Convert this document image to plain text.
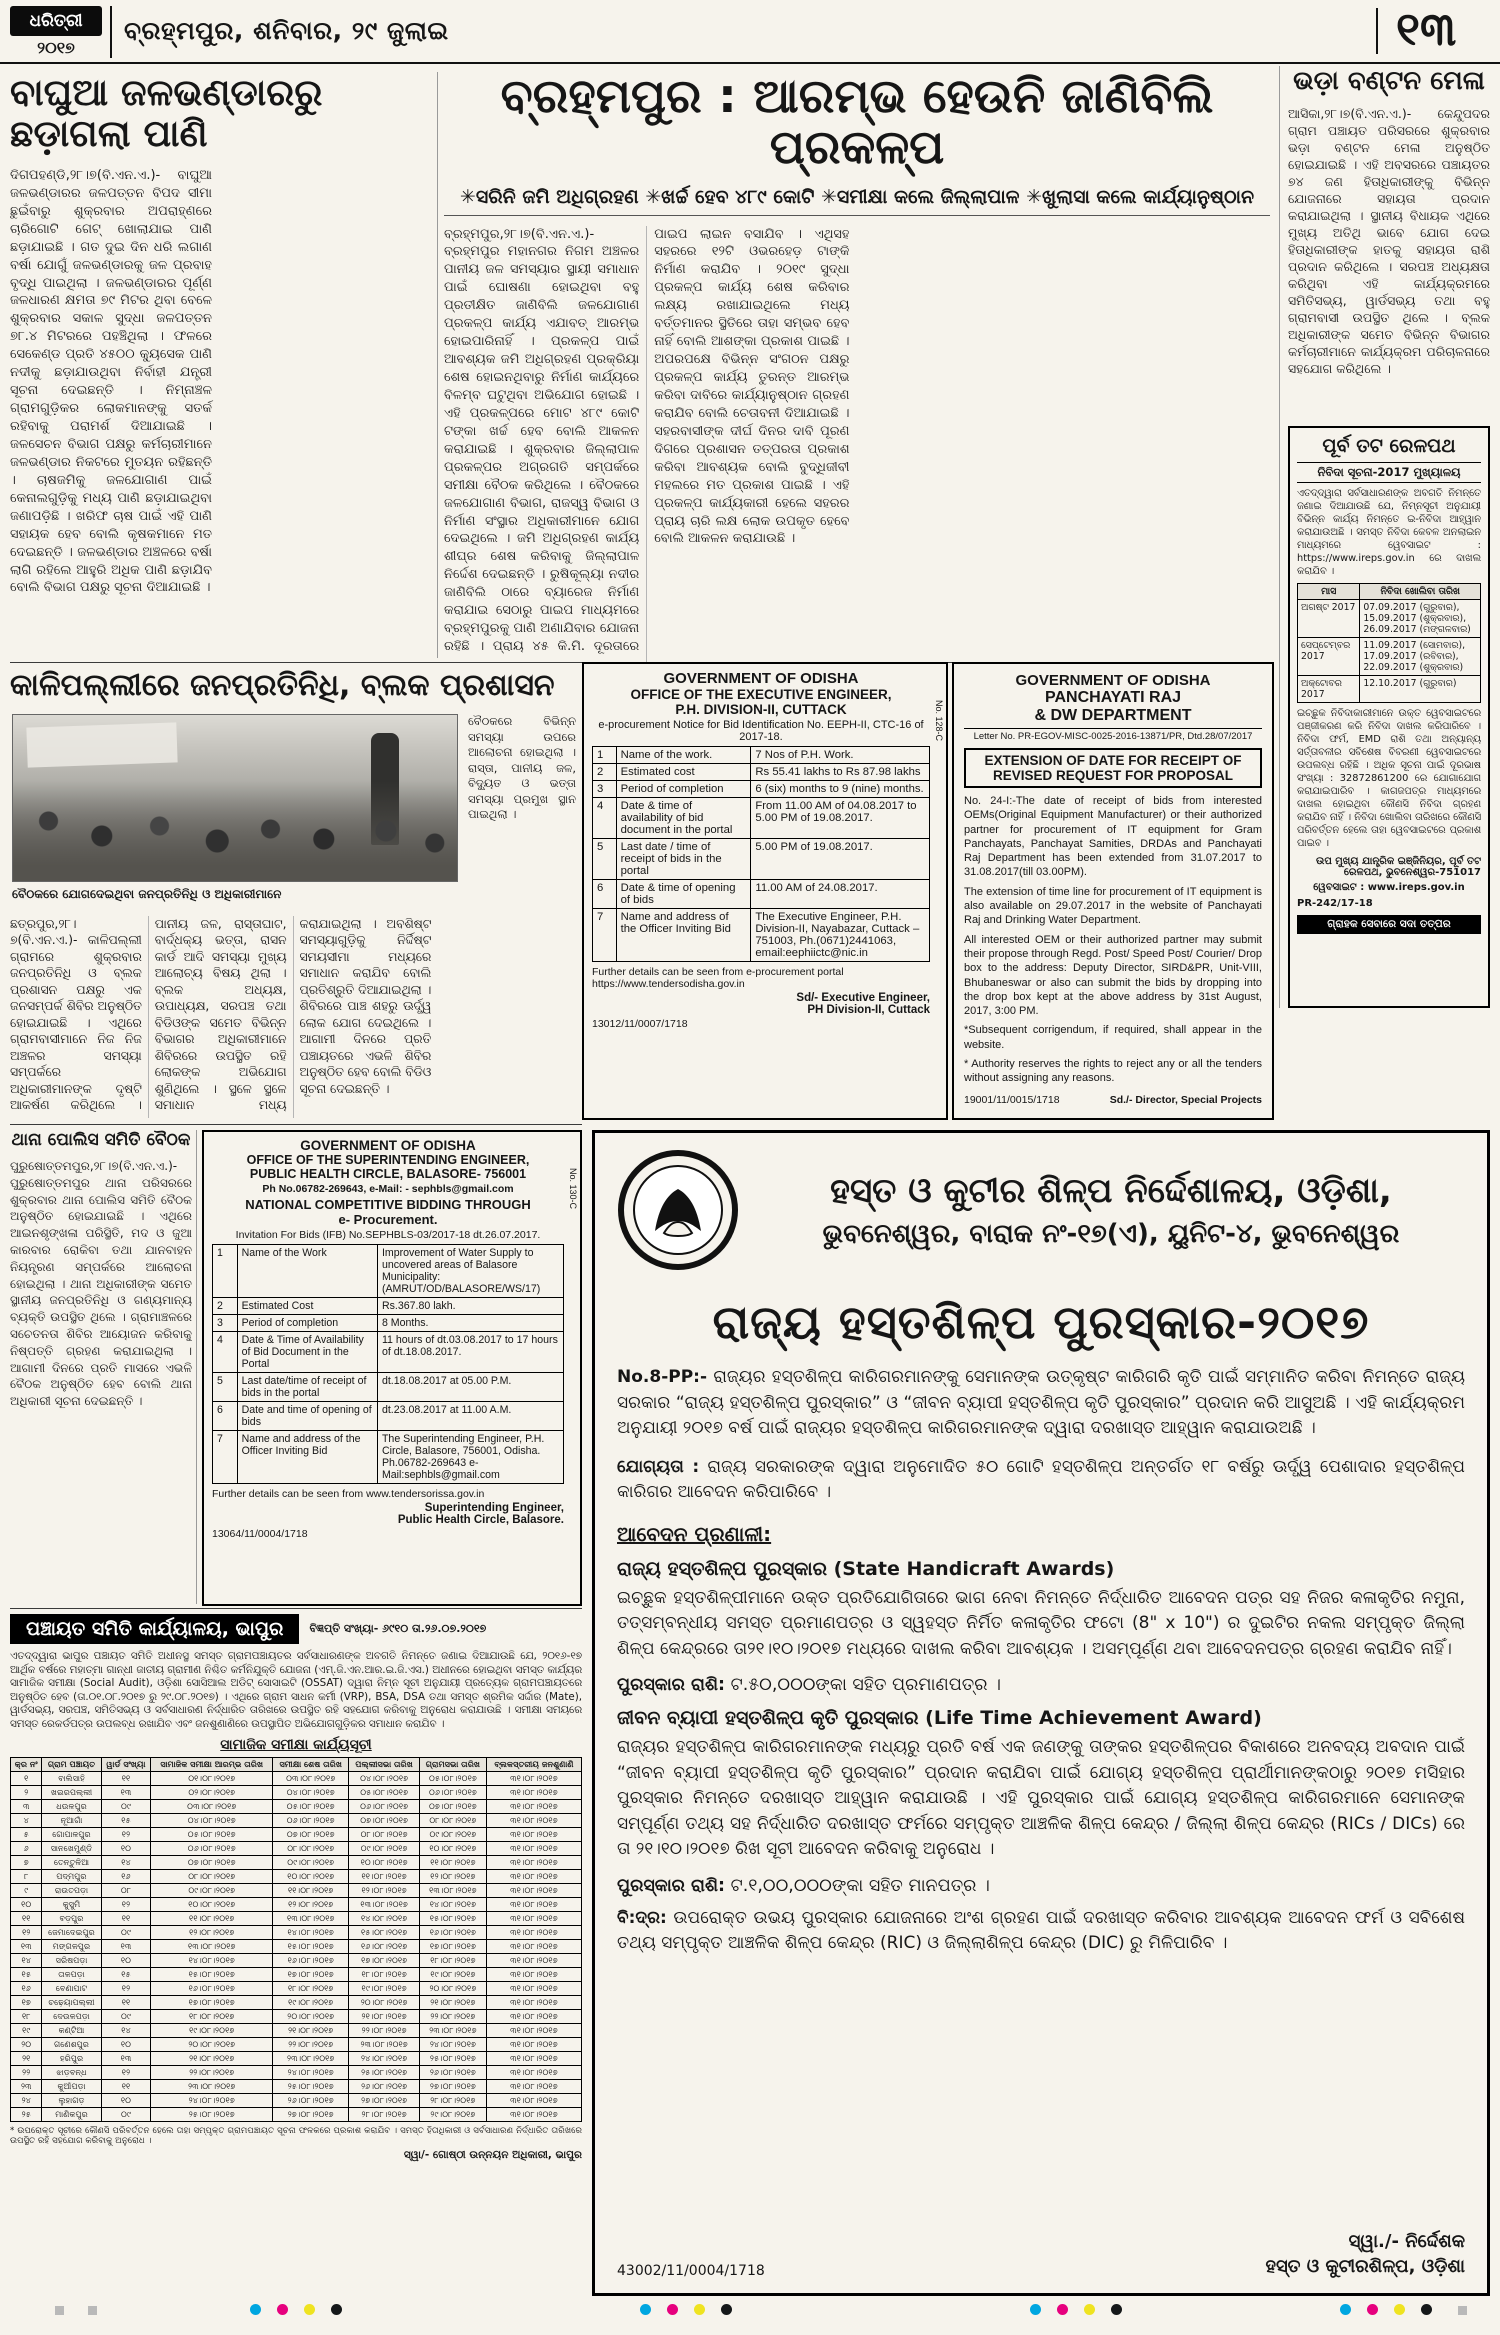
ଧରିତ୍ରୀ
୨୦୧୭
ବ୍ରହ୍ମପୁର, ଶନିବାର, ୨୯ ଜୁଲାଇ	୧୩
ବାଘୁଆ ଜଳଭଣ୍ଡାରରୁ
ଛଡ଼ାଗଲା ପାଣି
ଦିଗପହଣ୍ଡି,୨୮।୭(ବି.ଏନ.ଏ.)- ବାଘୁଆ ଜଳଭଣ୍ଡାରର ଜଳପତ୍ତନ ବିପଦ ସୀମା ଛୁଇଁବାରୁ ଶୁକ୍ରବାର ଅପରାହ୍ଣରେ ଚାରିଗୋଟି ଗେଟ୍ ଖୋଲାଯାଇ ପାଣି ଛଡ଼ାଯାଇଛି । ଗତ ଦୁଇ ଦିନ ଧରି ଲଗାଣ ବର୍ଷା ଯୋଗୁଁ ଜଳଭଣ୍ଡାରକୁ ଜଳ ପ୍ରବାହ ବୃଦ୍ଧି ପାଇଥିଲା । ଜଳଭଣ୍ଡାରର ପୂର୍ଣ୍ଣ ଜଳଧାରଣ କ୍ଷମତା ୭୯ ମିଟର ଥିବା ବେଳେ ଶୁକ୍ରବାର ସକାଳ ସୁଦ୍ଧା ଜଳପତ୍ତନ ୭୮.୪ ମିଟରରେ ପହଞ୍ଚିଥିଲା । ଫଳରେ ସେକେଣ୍ଡ ପ୍ରତି ୪୫୦୦ କ୍ୟୁସେକ ପାଣି ନଦୀକୁ ଛଡ଼ାଯାଉଥିବା ନିର୍ବାହୀ ଯନ୍ତ୍ରୀ ସୂଚନା ଦେଇଛନ୍ତି । ନିମ୍ନାଞ୍ଚଳ ଗ୍ରାମଗୁଡ଼ିକର ଲୋକମାନଙ୍କୁ ସତର୍କ ରହିବାକୁ ପରାମର୍ଶ ଦିଆଯାଇଛି । ଜଳସେଚନ ବିଭାଗ ପକ୍ଷରୁ କର୍ମଚାରୀମାନେ ଜଳଭଣ୍ଡାର ନିକଟରେ ମୁତୟନ ରହିଛନ୍ତି । ଚାଷଜମିକୁ ଜଳଯୋଗାଣ ପାଇଁ କେନାଲଗୁଡ଼ିକୁ ମଧ୍ୟ ପାଣି ଛଡ଼ାଯାଇଥିବା ଜଣାପଡ଼ିଛି । ଖରିଫ ଚାଷ ପାଇଁ ଏହି ପାଣି ସହାୟକ ହେବ ବୋଲି କୃଷକମାନେ ମତ ଦେଇଛନ୍ତି । ଜଳଭଣ୍ଡାର ଅଞ୍ଚଳରେ ବର୍ଷା ଲାଗି ରହିଲେ ଆହୁରି ଅଧିକ ପାଣି ଛଡ଼ାଯିବ ବୋଲି ବିଭାଗ ପକ୍ଷରୁ ସୂଚନା ଦିଆଯାଇଛି ।
ବ୍ରହ୍ମପୁର : ଆରମ୍ଭ ହେଉନି ଜାଣିବିଲି ପ୍ରକଳ୍ପ
✳ସରିନି ଜମି ଅଧିଗ୍ରହଣ ✳ଖର୍ଚ୍ଚ ହେବ ୪୮୯ କୋଟି ✳ସମୀକ୍ଷା କଲେ ଜିଲ୍ଲାପାଳ ✳ଖୁଲାସା କଲେ କାର୍ଯ୍ୟାନୁଷ୍ଠାନ
ବ୍ରହ୍ମପୁର,୨୮।୭(ବି.ଏନ.ଏ.)- ବ୍ରହ୍ମପୁର ମହାନଗର ନିଗମ ଅଞ୍ଚଳର ପାନୀୟ ଜଳ ସମସ୍ୟାର ସ୍ଥାୟୀ ସମାଧାନ ପାଇଁ ଘୋଷଣା ହୋଇଥିବା ବହୁ ପ୍ରତୀକ୍ଷିତ ଜାଣିବିଲି ଜଳଯୋଗାଣ ପ୍ରକଳ୍ପ କାର୍ଯ୍ୟ ଏଯାବତ୍ ଆରମ୍ଭ ହୋଇପାରିନାହିଁ । ପ୍ରକଳ୍ପ ପାଇଁ ଆବଶ୍ୟକ ଜମି ଅଧିଗ୍ରହଣ ପ୍ରକ୍ରିୟା ଶେଷ ହୋଇନଥିବାରୁ ନିର୍ମାଣ କାର୍ଯ୍ୟରେ ବିଳମ୍ବ ଘଟୁଥିବା ଅଭିଯୋଗ ହୋଇଛି । ଏହି ପ୍ରକଳ୍ପରେ ମୋଟ ୪୮୯ କୋଟି ଟଙ୍କା ଖର୍ଚ୍ଚ ହେବ ବୋଲି ଆକଳନ କରାଯାଇଛି । ଶୁକ୍ରବାର ଜିଲ୍ଲାପାଳ ପ୍ରକଳ୍ପର ଅଗ୍ରଗତି ସମ୍ପର୍କରେ ସମୀକ୍ଷା ବୈଠକ କରିଥିଲେ । ବୈଠକରେ ଜଳଯୋଗାଣ ବିଭାଗ, ରାଜସ୍ୱ ବିଭାଗ ଓ ନିର୍ମାଣ ସଂସ୍ଥାର ଅଧିକାରୀମାନେ ଯୋଗ ଦେଇଥିଲେ । ଜମି ଅଧିଗ୍ରହଣ କାର୍ଯ୍ୟ ଶୀଘ୍ର ଶେଷ କରିବାକୁ ଜିଲ୍ଲାପାଳ ନିର୍ଦ୍ଦେଶ ଦେଇଛନ୍ତି । ରୁଷିକୂଲ୍ୟା ନଦୀର ଜାଣିବିଲି ଠାରେ ବ୍ୟାରେଜ ନିର୍ମାଣ କରାଯାଇ ସେଠାରୁ ପାଇପ ମାଧ୍ୟମରେ ବ୍ରହ୍ମପୁରକୁ ପାଣି ଅଣାଯିବାର ଯୋଜନା ରହିଛି । ପ୍ରାୟ ୪୫ କି.ମି. ଦୂରତାରେ ପାଇପ ଲାଇନ ବସାଯିବ । ଏଥିସହ ସହରରେ ୧୨ଟି ଓଭରହେଡ଼ ଟାଙ୍କି ନିର୍ମାଣ କରାଯିବ । ୨୦୧୯ ସୁଦ୍ଧା ପ୍ରକଳ୍ପ କାର୍ଯ୍ୟ ଶେଷ କରିବାର ଲକ୍ଷ୍ୟ ରଖାଯାଇଥିଲେ ମଧ୍ୟ ବର୍ତ୍ତମାନର ସ୍ଥିତିରେ ତାହା ସମ୍ଭବ ହେବ ନାହିଁ ବୋଲି ଆଶଙ୍କା ପ୍ରକାଶ ପାଇଛି । ଅପରପକ୍ଷେ ବିଭିନ୍ନ ସଂଗଠନ ପକ୍ଷରୁ ପ୍ରକଳ୍ପ କାର୍ଯ୍ୟ ତୁରନ୍ତ ଆରମ୍ଭ କରିବା ଦାବିରେ କାର୍ଯ୍ୟାନୁଷ୍ଠାନ ଗ୍ରହଣ କରାଯିବ ବୋଲି ଚେତାବନୀ ଦିଆଯାଇଛି । ସହରବାସୀଙ୍କ ଦୀର୍ଘ ଦିନର ଦାବି ପୂରଣ ଦିଗରେ ପ୍ରଶାସନ ତତ୍ପରତା ପ୍ରକାଶ କରିବା ଆବଶ୍ୟକ ବୋଲି ବୁଦ୍ଧିଜୀବୀ ମହଲରେ ମତ ପ୍ରକାଶ ପାଇଛି । ଏହି ପ୍ରକଳ୍ପ କାର୍ଯ୍ୟକାରୀ ହେଲେ ସହରର ପ୍ରାୟ ଚାରି ଲକ୍ଷ ଲୋକ ଉପକୃତ ହେବେ ବୋଲି ଆକଳନ କରାଯାଉଛି ।
ଭଡ଼ା ବଣ୍ଟନ ମେଳା
ଆସିକା,୨୮।୭(ବି.ଏନ.ଏ.)- କେନ୍ଦୁପଦର ଗ୍ରାମ ପଞ୍ଚାୟତ ପରିସରରେ ଶୁକ୍ରବାର ଭଡ଼ା ବଣ୍ଟନ ମେଳା ଅନୁଷ୍ଠିତ ହୋଇଯାଇଛି । ଏହି ଅବସରରେ ପଞ୍ଚାୟତର ୭୪ ଜଣ ହିତାଧିକାରୀଙ୍କୁ ବିଭିନ୍ନ ଯୋଜନାରେ ସହାୟତା ପ୍ରଦାନ କରାଯାଇଥିଲା । ସ୍ଥାନୀୟ ବିଧାୟକ ଏଥିରେ ମୁଖ୍ୟ ଅତିଥି ଭାବେ ଯୋଗ ଦେଇ ହିତାଧିକାରୀଙ୍କ ହାତକୁ ସହାୟତା ରାଶି ପ୍ରଦାନ କରିଥିଲେ । ସରପଞ୍ଚ ଅଧ୍ୟକ୍ଷତା କରିଥିବା ଏହି କାର୍ଯ୍ୟକ୍ରମରେ ସମିତିସଭ୍ୟ, ୱାର୍ଡସଭ୍ୟ ତଥା ବହୁ ଗ୍ରାମବାସୀ ଉପସ୍ଥିତ ଥିଲେ । ବ୍ଲକ ଅଧିକାରୀଙ୍କ ସମେତ ବିଭିନ୍ନ ବିଭାଗର କର୍ମଚାରୀମାନେ କାର୍ଯ୍ୟକ୍ରମ ପରିଚାଳନାରେ ସହଯୋଗ କରିଥିଲେ ।
ପୂର୍ବ ତଟ ରେଳପଥ
ନିବିଦା ସୂଚନା-2017 ମୁଖ୍ୟାଳୟ
ଏତଦ୍‌ଦ୍ୱାରା ସର୍ବସାଧାରଣଙ୍କ ଅବଗତି ନିମନ୍ତେ ଜଣାଇ ଦିଆଯାଉଛି ଯେ, ନିମ୍ନସୂଚୀ ଅନୁଯାୟୀ ବିଭିନ୍ନ କାର୍ଯ୍ୟ ନିମନ୍ତେ ଇ-ନିବିଦା ଆହ୍ୱାନ କରାଯାଉଅଛି । ସମସ୍ତ ନିବିଦା କେବଳ ଅନଲାଇନ ମାଧ୍ୟମରେ ୱେବସାଇଟ : https://www.ireps.gov.in ରେ ଦାଖଲ କରାଯିବ ।
ମାସ	ନିବିଦା ଖୋଲିବା ତାରିଖ
ଅଗଷ୍ଟ 2017	07.09.2017 (ଗୁରୁବାର), 15.09.2017 (ଶୁକ୍ରବାର), 26.09.2017 (ମଙ୍ଗଳବାର)
ସେପ୍ଟେମ୍ବର 2017	11.09.2017 (ସୋମବାର), 17.09.2017 (ରବିବାର), 22.09.2017 (ଶୁକ୍ରବାର)
ଅକ୍ଟୋବର 2017	12.10.2017 (ଗୁରୁବାର)
ଇଚ୍ଛୁକ ନିବିଦାକାରୀମାନେ ଉକ୍ତ ୱେବସାଇଟରେ ପଞ୍ଜୀକରଣ କରି ନିବିଦା ଦାଖଲ କରିପାରିବେ । ନିବିଦା ଫର୍ମ, EMD ରାଶି ତଥା ଅନ୍ୟାନ୍ୟ ସର୍ତ୍ତାବଳୀର ସବିଶେଷ ବିବରଣୀ ୱେବସାଇଟରେ ଉପଲବ୍ଧ ରହିଛି । ଅଧିକ ସୂଚନା ପାଇଁ ଦୂରଭାଷ ସଂଖ୍ୟା : 32872861200 ରେ ଯୋଗାଯୋଗ କରାଯାଇପାରିବ । କାଗଜପତ୍ର ମାଧ୍ୟମରେ ଦାଖଲ ହୋଇଥିବା କୌଣସି ନିବିଦା ଗ୍ରହଣ କରାଯିବ ନାହିଁ । ନିବିଦା ଖୋଲିବା ତାରିଖରେ କୌଣସି ପରିବର୍ତ୍ତନ ହେଲେ ତାହା ୱେବସାଇଟରେ ପ୍ରକାଶ ପାଇବ ।
ଉପ ମୁଖ୍ୟ ଯାନ୍ତ୍ରିକ ଇଞ୍ଜିନିୟର, ପୂର୍ବ ତଟ ରେଳପଥ, ଭୁବନେଶ୍ୱର-751017
ୱେବସାଇଟ : www.ireps.gov.in
PR-242/17-18
ଗ୍ରାହକ ସେବାରେ ସଦା ତତ୍ପର
କାଳିପଲ୍ଲୀରେ ଜନପ୍ରତିନିଧି, ବ୍ଲକ ପ୍ରଶାସନ
ବୈଠକରେ ଯୋଗଦେଇଥିବା ଜନପ୍ରତିନିଧି ଓ ଅଧିକାରୀମାନେ
ବୈଠକରେ ବିଭିନ୍ନ ସମସ୍ୟା ଉପରେ ଆଲୋଚନା ହୋଇଥିଲା । ରାସ୍ତା, ପାନୀୟ ଜଳ, ବିଦ୍ୟୁତ ଓ ଭତ୍ତା ସମସ୍ୟା ପ୍ରମୁଖ ସ୍ଥାନ ପାଇଥିଲା ।
ଛତ୍ରପୁର,୨୮।୭(ବି.ଏନ.ଏ.)- କାଳିପଲ୍ଲୀ ଗ୍ରାମରେ ଶୁକ୍ରବାର ଜନପ୍ରତିନିଧି ଓ ବ୍ଲକ ପ୍ରଶାସନ ପକ୍ଷରୁ ଏକ ଜନସମ୍ପର୍କ ଶିବିର ଅନୁଷ୍ଠିତ ହୋଇଯାଇଛି । ଏଥିରେ ଗ୍ରାମବାସୀମାନେ ନିଜ ନିଜ ଅଞ୍ଚଳର ସମସ୍ୟା ସମ୍ପର୍କରେ ଅଧିକାରୀମାନଙ୍କ ଦୃଷ୍ଟି ଆକର୍ଷଣ କରିଥିଲେ । ପାନୀୟ ଜଳ, ରାସ୍ତାଘାଟ, ବାର୍ଦ୍ଧକ୍ୟ ଭତ୍ତା, ରାସନ କାର୍ଡ ଆଦି ସମସ୍ୟା ମୁଖ୍ୟ ଆଲୋଚ୍ୟ ବିଷୟ ଥିଲା । ବ୍ଲକ ଅଧ୍ୟକ୍ଷ, ଉପାଧ୍ୟକ୍ଷ, ସରପଞ୍ଚ ତଥା ବିଡିଓଙ୍କ ସମେତ ବିଭିନ୍ନ ବିଭାଗର ଅଧିକାରୀମାନେ ଶିବିରରେ ଉପସ୍ଥିତ ରହି ଲୋକଙ୍କ ଅଭିଯୋଗ ଶୁଣିଥିଲେ । ସ୍ଥଳେ ସ୍ଥଳେ ସମାଧାନ ମଧ୍ୟ କରାଯାଇଥିଲା । ଅବଶିଷ୍ଟ ସମସ୍ୟାଗୁଡ଼ିକୁ ନିର୍ଦ୍ଦିଷ୍ଟ ସମୟସୀମା ମଧ୍ୟରେ ସମାଧାନ କରାଯିବ ବୋଲି ପ୍ରତିଶ୍ରୁତି ଦିଆଯାଇଥିଲା । ଶିବିରରେ ପାଞ୍ଚ ଶହରୁ ଊର୍ଦ୍ଧ୍ୱ ଲୋକ ଯୋଗ ଦେଇଥିଲେ । ଆଗାମୀ ଦିନରେ ପ୍ରତି ପଞ୍ଚାୟତରେ ଏଭଳି ଶିବିର ଅନୁଷ୍ଠିତ ହେବ ବୋଲି ବିଡିଓ ସୂଚନା ଦେଇଛନ୍ତି ।
GOVERNMENT OF ODISHA
OFFICE OF THE EXECUTIVE ENGINEER,
P.H. DIVISION-II, CUTTACK
e-procurement Notice for Bid Identification No. EEPH-II, CTC-16 of 2017-18.
1	Name of the work.	7 Nos of P.H. Work.
2	Estimated cost	Rs 55.41 lakhs to Rs 87.98 lakhs
3	Period of completion	6 (six) months to 9 (nine) months.
4	Date & time of availability of bid document in the portal	From 11.00 AM of 04.08.2017 to 5.00 PM of 19.08.2017.
5	Last date / time of receipt of bids in the portal	5.00 PM of 19.08.2017.
6	Date & time of opening of bids	11.00 AM of 24.08.2017.
7	Name and address of the Officer Inviting Bid	The Executive Engineer, P.H. Division-II, Nayabazar, Cuttack – 751003, Ph.(0671)2441063, email:eephiictc@nic.in
Further details can be seen from e-procurement portal https://www.tendersodisha.gov.in
Sd/- Executive Engineer,
PH Division-II, Cuttack
13012/11/0007/1718
No. 128-C
GOVERNMENT OF ODISHA
PANCHAYATI RAJ
& DW DEPARTMENT
Letter No. PR-EGOV-MISC-0025-2016-13871/PR, Dtd.28/07/2017
EXTENSION OF DATE FOR RECEIPT OF REVISED REQUEST FOR PROPOSAL
No. 24-I:-The date of receipt of bids from interested OEMs(Original Equipment Manufacturer) or their authorized partner for procurement of IT equipment for Gram Panchayats, Panchayat Samities, DRDAs and Panchayati Raj Department has been extended from 31.07.2017 to 31.08.2017(till 03.00PM).
The extension of time line for procurement of IT equipment is also available on 29.07.2017 in the website of Panchayati Raj and Drinking Water Department.
All interested OEM or their authorized partner may submit their propose through Regd. Post/ Speed Post/ Courier/ Drop box to the address: Deputy Director, SIRD&PR, Unit-VIII, Bhubaneswar or also can submit the bids by dropping into the drop box kept at the above address by 31st August, 2017, 3:00 PM.
*Subsequent corrigendum, if required, shall appear in the website.
* Authority reserves the rights to reject any or all the tenders without assigning any reasons.
19001/11/0015/1718	Sd./- Director, Special Projects
ଥାନା ପୋଲିସ ସମିତି ବୈଠକ
ପୁରୁଷୋତ୍ତମପୁର,୨୮।୭(ବି.ଏନ.ଏ.)- ପୁରୁଷୋତ୍ତମପୁର ଥାନା ପରିସରରେ ଶୁକ୍ରବାର ଥାନା ପୋଲିସ ସମିତି ବୈଠକ ଅନୁଷ୍ଠିତ ହୋଇଯାଇଛି । ଏଥିରେ ଆଇନଶୃଙ୍ଖଳା ପରିସ୍ଥିତି, ମଦ ଓ ଜୁଆ କାରବାର ରୋକିବା ତଥା ଯାନବାହନ ନିୟନ୍ତ୍ରଣ ସମ୍ପର୍କରେ ଆଲୋଚନା ହୋଇଥିଲା । ଥାନା ଅଧିକାରୀଙ୍କ ସମେତ ସ୍ଥାନୀୟ ଜନପ୍ରତିନିଧି ଓ ଗଣ୍ୟମାନ୍ୟ ବ୍ୟକ୍ତି ଉପସ୍ଥିତ ଥିଲେ । ଗ୍ରାମାଞ୍ଚଳରେ ସଚେତନତା ଶିବିର ଆୟୋଜନ କରିବାକୁ ନିଷ୍ପତ୍ତି ଗ୍ରହଣ କରାଯାଇଥିଲା । ଆଗାମୀ ଦିନରେ ପ୍ରତି ମାସରେ ଏଭଳି ବୈଠକ ଅନୁଷ୍ଠିତ ହେବ ବୋଲି ଥାନା ଅଧିକାରୀ ସୂଚନା ଦେଇଛନ୍ତି ।
GOVERNMENT OF ODISHA
OFFICE OF THE SUPERINTENDING ENGINEER,
PUBLIC HEALTH CIRCLE, BALASORE- 756001
Ph No.06782-269643, e-Mail: - sephbls@gmail.com
NATIONAL COMPETITIVE BIDDING THROUGH
e- Procurement.
Invitation For Bids (IFB) No.SEPHBLS-03/2017-18 dt.26.07.2017.
1	Name of the Work	Improvement of Water Supply to uncovered areas of Balasore Municipality: (AMRUT/OD/BALASORE/WS/17)
2	Estimated Cost	Rs.367.80 lakh.
3	Period of completion	8 Months.
4	Date & Time of Availability of Bid Document in the Portal	11 hours of dt.03.08.2017 to 17 hours of dt.18.08.2017.
5	Last date/time of receipt of bids in the portal	dt.18.08.2017 at 05.00 P.M.
6	Date and time of opening of bids	dt.23.08.2017 at 11.00 A.M.
7	Name and address of the Officer Inviting Bid	The Superintending Engineer, P.H. Circle, Balasore, 756001, Odisha. Ph.06782-269643 e-Mail:sephbls@gmail.com
Further details can be seen from www.tendersorissa.gov.in
Superintending Engineer,
Public Health Circle, Balasore.
13064/11/0004/1718
No. 130-C	ହସ୍ତ ଓ କୁଟୀର ଶିଳ୍ପ ନିର୍ଦ୍ଦେଶାଳୟ, ଓଡ଼ିଶା,
ଭୁବନେଶ୍ୱର, ବାରାକ ନଂ-୧୭(ଏ), ୟୁନିଟ-୪, ଭୁବନେଶ୍ୱର
ରାଜ୍ୟ ହସ୍ତଶିଳ୍ପ ପୁରସ୍କାର-୨୦୧୭

No.8-PP:- ରାଜ୍ୟର ହସ୍ତଶିଳ୍ପ କାରିଗରମାନଙ୍କୁ ସେମାନଙ୍କ ଉତ୍କୃଷ୍ଟ କାରିଗରି କୃତି ପାଇଁ ସମ୍ମାନିତ କରିବା ନିମନ୍ତେ ରାଜ୍ୟ ସରକାର “ରାଜ୍ୟ ହସ୍ତଶିଳ୍ପ ପୁରସ୍କାର” ଓ “ଜୀବନ ବ୍ୟାପୀ ହସ୍ତଶିଳ୍ପ କୃତି ପୁରସ୍କାର” ପ୍ରଦାନ କରି ଆସୁଅଛି । ଏହି କାର୍ଯ୍ୟକ୍ରମ ଅନୁଯାୟୀ ୨୦୧୭ ବର୍ଷ ପାଇଁ ରାଜ୍ୟର ହସ୍ତଶିଳ୍ପ କାରିଗରମାନଙ୍କ ଦ୍ୱାରା ଦରଖାସ୍ତ ଆହ୍ୱାନ କରାଯାଉଅଛି ।

ଯୋଗ୍ୟତା : ରାଜ୍ୟ ସରକାରଙ୍କ ଦ୍ୱାରା ଅନୁମୋଦିତ ୫୦ ଗୋଟି ହସ୍ତଶିଳ୍ପ ଅନ୍ତର୍ଗତ ୧୮ ବର୍ଷରୁ ଊର୍ଦ୍ଧ୍ୱ ପେଶାଦାର ହସ୍ତଶିଳ୍ପ କାରିଗର ଆବେଦନ କରିପାରିବେ ।

ଆବେଦନ ପ୍ରଣାଳୀ:
ରାଜ୍ୟ ହସ୍ତଶିଳ୍ପ ପୁରସ୍କାର (State Handicraft Awards)

ଇଚ୍ଛୁକ ହସ୍ତଶିଳ୍ପୀମାନେ ଉକ୍ତ ପ୍ରତିଯୋଗିତାରେ ଭାଗ ନେବା ନିମନ୍ତେ ନିର୍ଦ୍ଧାରିତ ଆବେଦନ ପତ୍ର ସହ ନିଜର କଳାକୃତିର ନମୁନା, ତତ୍‌ସମ୍ବନ୍ଧୀୟ ସମସ୍ତ ପ୍ରମାଣପତ୍ର ଓ ସ୍ୱହସ୍ତ ନିର୍ମିତ କଳାକୃତିର ଫଟୋ (8" x 10") ର ଦୁଇଟିର ନକଲ ସମ୍ପୃକ୍ତ ଜିଲ୍ଲା ଶିଳ୍ପ କେନ୍ଦ୍ରରେ ତା୨୧।୧୦।୨୦୧୭ ମଧ୍ୟରେ ଦାଖଲ କରିବା ଆବଶ୍ୟକ । ଅସମ୍ପୂର୍ଣ୍ଣ ଥବା ଆବେଦନପତ୍ର ଗ୍ରହଣ କରାଯିବ ନାହିଁ।

ପୁରସ୍କାର ରାଶି: ଟ.୫୦,୦୦୦ଙ୍କା ସହିତ ପ୍ରମାଣପତ୍ର ।

ଜୀବନ ବ୍ୟାପୀ ହସ୍ତଶିଳ୍ପ କୃତି ପୁରସ୍କାର (Life Time Achievement Award)

ରାଜ୍ୟର ହସ୍ତଶିଳ୍ପ କାରିଗରମାନଙ୍କ ମଧ୍ୟରୁ ପ୍ରତି ବର୍ଷ ଏକ ଜଣଙ୍କୁ ତାଙ୍କର ହସ୍ତଶିଳ୍ପର ବିକାଶରେ ଅନବଦ୍ୟ ଅବଦାନ ପାଇଁ “ଜୀବନ ବ୍ୟାପୀ ହସ୍ତଶିଳ୍ପ କୃତି ପୁରସ୍କାର” ପ୍ରଦାନ କରାଯିବା ପାଇଁ ଯୋଗ୍ୟ ହସ୍ତଶିଳ୍ପ ପ୍ରାର୍ଥୀମାନଙ୍କଠାରୁ ୨୦୧୭ ମସିହାର ପୁରସ୍କାର ନିମନ୍ତେ ଦରଖାସ୍ତ ଆହ୍ୱାନ କରାଯାଉଛି । ଏହି ପୁରସ୍କାର ପାଇଁ ଯୋଗ୍ୟ ହସ୍ତଶିଳ୍ପ କାରିଗରମାନେ ସେମାନଙ୍କ ସମ୍ପୂର୍ଣ୍ଣ ତଥ୍ୟ ସହ ନିର୍ଦ୍ଧାରିତ ଦରଖାସ୍ତ ଫର୍ମରେ ସମ୍ପୃକ୍ତ ଆଞ୍ଚଳିକ ଶିଳ୍ପ କେନ୍ଦ୍ର / ଜିଲ୍ଲା ଶିଳ୍ପ କେନ୍ଦ୍ର (RICs / DICs) ରେ ତା ୨୧।୧୦।୨୦୧୭ ରିଖ ସୂଚୀ ଆବେଦନ କରିବାକୁ ଅନୁରୋଧ ।

ପୁରସ୍କାର ରାଶି: ଟ.୧,୦୦,୦୦୦ଙ୍କା ସହିତ ମାନପତ୍ର ।

ବି:ଦ୍ର: ଉପରୋକ୍ତ ଉଭୟ ପୁରସ୍କାର ଯୋଜନାରେ ଅଂଶ ଗ୍ରହଣ ପାଇଁ ଦରଖାସ୍ତ କରିବାର ଆବଶ୍ୟକ ଆବେଦନ ଫର୍ମ ଓ ସବିଶେଷ ତଥ୍ୟ ସମ୍ପୃକ୍ତ ଆଞ୍ଚଳିକ ଶିଳ୍ପ କେନ୍ଦ୍ର (RIC) ଓ ଜିଲ୍ଲାଶିଳ୍ପ କେନ୍ଦ୍ର (DIC) ରୁ ମିଳିପାରିବ ।

43002/11/0004/1718
ସ୍ୱା./- ନିର୍ଦ୍ଦେଶକ
ହସ୍ତ ଓ କୁଟୀରଶିଳ୍ପ, ଓଡ଼ିଶା
ପଞ୍ଚାୟତ ସମିତି କାର୍ଯ୍ୟାଳୟ, ଭାପୁର	ବିଜ୍ଞପ୍ତି ସଂଖ୍ୟା- ୬୯୧୦ ତା.୨୬.୦୭.୨୦୧୭
ଏତଦ୍‌ଦ୍ୱାରା ଭାପୁର ପଞ୍ଚାୟତ ସମିତି ଅଧୀନସ୍ଥ ସମସ୍ତ ଗ୍ରାମପଞ୍ଚାୟତର ସର୍ବସାଧାରଣଙ୍କ ଅବଗତି ନିମନ୍ତେ ଜଣାଇ ଦିଆଯାଉଛି ଯେ, ୨୦୧୬-୧୭ ଆର୍ଥିକ ବର୍ଷରେ ମହାତ୍ମା ଗାନ୍ଧୀ ଜାତୀୟ ଗ୍ରାମୀଣ ନିଶ୍ଚିତ କର୍ମନିଯୁକ୍ତି ଯୋଜନା (ଏମ୍.ଜି.ଏନ.ଆର.ଇ.ଜି.ଏସ.) ଅଧୀନରେ ହୋଇଥିବା ସମସ୍ତ କାର୍ଯ୍ୟର ସାମାଜିକ ସମୀକ୍ଷା (Social Audit), ଓଡ଼ିଶା ସୋସିଆଲ ଅଡିଟ୍ ସୋସାଇଟି (OSSAT) ଦ୍ୱାରା ନିମ୍ନ ସୂଚୀ ଅନୁଯାୟୀ ପ୍ରତ୍ୟେକ ଗ୍ରାମପଞ୍ଚାୟତରେ ଅନୁଷ୍ଠିତ ହେବ (ତା.୦୧.୦୮.୨୦୧୭ ରୁ ୨୯.୦୮.୨୦୧୭) । ଏଥିରେ ଗ୍ରାମ ସାଧନ କର୍ମୀ (VRP), BSA, DSA ତଥା ସମସ୍ତ ଶ୍ରମିକ ସର୍ଦ୍ଦାର (Mate), ୱାର୍ଡସଭ୍ୟ, ସରପଞ୍ଚ, ସମିତିସଭ୍ୟ ଓ ସର୍ବସାଧାରଣ ନିର୍ଦ୍ଧାରିତ ତାରିଖରେ ଉପସ୍ଥିତ ରହି ସହଯୋଗ କରିବାକୁ ଅନୁରୋଧ କରାଯାଉଛି । ସମୀକ୍ଷା ସମୟରେ ସମସ୍ତ ରେକର୍ଡପତ୍ର ଉପଲବ୍ଧ ରଖାଯିବ ଏବଂ ଜନଶୁଣାଣିରେ ଉପସ୍ଥାପିତ ଅଭିଯୋଗଗୁଡ଼ିକର ସମାଧାନ କରାଯିବ ।
ସାମାଜିକ ସମୀକ୍ଷା କାର୍ଯ୍ୟସୂଚୀ
କ୍ର ନଂ	ଗ୍ରାମ ପଞ୍ଚାୟତ	ୱାର୍ଡ ସଂଖ୍ୟା	ସାମାଜିକ ସମୀକ୍ଷା ଆରମ୍ଭ ତାରିଖ	ସମୀକ୍ଷା ଶେଷ ତାରିଖ	ପଲ୍ଲୀସଭା ତାରିଖ	ଗ୍ରାମସଭା ତାରିଖ	ବ୍ଲକସ୍ତରୀୟ ଜନଶୁଣାଣି
୧	ବାଲିସାହି	୧୧	୦୧।୦୮।୨୦୧୭	୦୩।୦୮।୨୦୧୭	୦୪।୦୮।୨୦୧୭	୦୫।୦୮।୨୦୧୭	୩୧।୦୮।୨୦୧୭
୨	ଖଇରପଲ୍ଲୀ	୧୩	୦୨।୦୮।୨୦୧୭	୦୪।୦୮।୨୦୧୭	୦୫।୦୮।୨୦୧୭	୦୬।୦୮।୨୦୧୭	୩୧।୦୮।୨୦୧୭
୩	ଧଉଳପୁର	୦୯	୦୩।୦୮।୨୦୧୭	୦୫।୦୮।୨୦୧୭	୦୬।୦୮।୨୦୧୭	୦୭।୦୮।୨୦୧୭	୩୧।୦୮।୨୦୧୭
୪	ନୂଆଗାଁ	୧୫	୦୪।୦୮।୨୦୧୭	୦୬।୦୮।୨୦୧୭	୦୭।୦୮।୨୦୧୭	୦୮।୦୮।୨୦୧୭	୩୧।୦୮।୨୦୧୭
୫	ଗୋପାଳପୁର	୧୨	୦୫।୦୮।୨୦୧୭	୦୭।୦୮।୨୦୧୭	୦୮।୦୮।୨୦୧୭	୦୯।୦୮।୨୦୧୭	୩୧।୦୮।୨୦୧୭
୬	ସାନଖେମୁଣ୍ଡି	୧୦	୦୬।୦୮।୨୦୧୭	୦୮।୦୮।୨୦୧୭	୦୯।୦୮।୨୦୧୭	୧୦।୦୮।୨୦୧୭	୩୧।୦୮।୨୦୧୭
୭	ତେନ୍ତୁଳିଆ	୧୪	୦୭।୦୮।୨୦୧୭	୦୯।୦୮।୨୦୧୭	୧୦।୦୮।୨୦୧୭	୧୧।୦୮।୨୦୧୭	୩୧।୦୮।୨୦୧୭
୮	ପଦ୍ମପୁର	୧୬	୦୮।୦୮।୨୦୧୭	୧୦।୦୮।୨୦୧୭	୧୧।୦୮।୨୦୧୭	୧୨।୦୮।୨୦୧୭	୩୧।୦୮।୨୦୧୭
୯	ରାଉତପଡ଼ା	୦୮	୦୯।୦୮।୨୦୧୭	୧୧।୦୮।୨୦୧୭	୧୨।୦୮।୨୦୧୭	୧୩।୦୮।୨୦୧୭	୩୧।୦୮।୨୦୧୭
୧୦	କୁସୁମି	୧୨	୧୦।୦୮।୨୦୧୭	୧୨।୦୮।୨୦୧୭	୧୩।୦୮।୨୦୧୭	୧୪।୦୮।୨୦୧୭	୩୧।୦୮।୨୦୧୭
୧୧	ବଡ଼ପୁର	୧୧	୧୧।୦୮।୨୦୧୭	୧୩।୦୮।୨୦୧୭	୧୪।୦୮।୨୦୧୭	୧୫।୦୮।୨୦୧୭	୩୧।୦୮।୨୦୧୭
୧୨	ଜେମାଦେଇପୁର	୦୯	୧୨।୦୮।୨୦୧୭	୧୪।୦୮।୨୦୧୭	୧୫।୦୮।୨୦୧୭	୧୬।୦୮।୨୦୧୭	୩୧।୦୮।୨୦୧୭
୧୩	ମଙ୍ଗଳପୁର	୧୩	୧୩।୦୮।୨୦୧୭	୧୫।୦୮।୨୦୧୭	୧୬।୦୮।୨୦୧୭	୧୭।୦୮।୨୦୧୭	୩୧।୦୮।୨୦୧୭
୧୪	ସରିଷପଡ଼ା	୧୦	୧୪।୦୮।୨୦୧୭	୧୬।୦୮।୨୦୧୭	୧୭।୦୮।୨୦୧୭	୧୮।୦୮।୨୦୧୭	୩୧।୦୮।୨୦୧୭
୧୫	ତାଳପଡ଼ା	୧୫	୧୫।୦୮।୨୦୧୭	୧୭।୦୮।୨୦୧୭	୧୮।୦୮।୨୦୧୭	୧୯।୦୮।୨୦୧୭	୩୧।୦୮।୨୦୧୭
୧୬	ବେଣାପାଟ	୧୨	୧୬।୦୮।୨୦୧୭	୧୮।୦୮।୨୦୧୭	୧୯।୦୮।୨୦୧୭	୨୦।୦୮।୨୦୧୭	୩୧।୦୮।୨୦୧୭
୧୭	ଚଢ଼େୟାପଲ୍ଲୀ	୧୧	୧୭।୦୮।୨୦୧୭	୧୯।୦୮।୨୦୧୭	୨୦।୦୮।୨୦୧୭	୨୧।୦୮।୨୦୧୭	୩୧।୦୮।୨୦୧୭
୧୮	ଦେଉଳପଡ଼ା	୦୯	୧୮।୦୮।୨୦୧୭	୨୦।୦୮।୨୦୧୭	୨୧।୦୮।୨୦୧୭	୨୨।୦୮।୨୦୧୭	୩୧।୦୮।୨୦୧୭
୧୯	କଣ୍ଟିଆ	୧୪	୧୯।୦୮।୨୦୧୭	୨୧।୦୮।୨୦୧୭	୨୨।୦୮।୨୦୧୭	୨୩।୦୮।୨୦୧୭	୩୧।୦୮।୨୦୧୭
୨୦	ଗଣେଶପୁର	୧୦	୨୦।୦୮।୨୦୧୭	୨୨।୦୮।୨୦୧୭	୨୩।୦୮।୨୦୧୭	୨୪।୦୮।୨୦୧୭	୩୧।୦୮।୨୦୧୭
୨୧	ହରିପୁର	୧୩	୨୧।୦୮।୨୦୧୭	୨୩।୦୮।୨୦୧୭	୨୪।୦୮।୨୦୧୭	୨୫।୦୮।୨୦୧୭	୩୧।୦୮।୨୦୧୭
୨୨	ଝାଡ଼ବନ୍ଧ	୧୨	୨୨।୦୮।୨୦୧୭	୨୪।୦୮।୨୦୧୭	୨୫।୦୮।୨୦୧୭	୨୬।୦୮।୨୦୧୭	୩୧।୦୮।୨୦୧୭
୨୩	କୁଆଁପଡ଼ା	୧୧	୨୩।୦୮।୨୦୧୭	୨୫।୦୮।୨୦୧୭	୨୬।୦୮।୨୦୧୭	୨୭।୦୮।୨୦୧୭	୩୧।୦୮।୨୦୧୭
୨୪	ଲୁହାଗଡ଼	୧୦	୨୪।୦୮।୨୦୧୭	୨୬।୦୮।୨୦୧୭	୨୭।୦୮।୨୦୧୭	୨୮।୦୮।୨୦୧୭	୩୧।୦୮।୨୦୧୭
୨୫	ମାଣିକପୁର	୦୯	୨୫।୦୮।୨୦୧୭	୨୭।୦୮।୨୦୧୭	୨୮।୦୮।୨୦୧୭	୨୯।୦୮।୨୦୧୭	୩୧।୦୮।୨୦୧୭
* ଉପରୋକ୍ତ ସୂଚୀରେ କୌଣସି ପରିବର୍ତ୍ତନ ହେଲେ ତାହା ସମ୍ପୃକ୍ତ ଗ୍ରାମପଞ୍ଚାୟତ ସୂଚନା ଫଳକରେ ପ୍ରକାଶ କରାଯିବ । ସମସ୍ତ ହିତାଧିକାରୀ ଓ ସର୍ବସାଧାରଣ ନିର୍ଦ୍ଧାରିତ ତାରିଖରେ ଉପସ୍ଥିତ ରହି ସହଯୋଗ କରିବାକୁ ଅନୁରୋଧ ।
ସ୍ୱା/- ଗୋଷ୍ଠୀ ଉନ୍ନୟନ ଅଧିକାରୀ, ଭାପୁର
